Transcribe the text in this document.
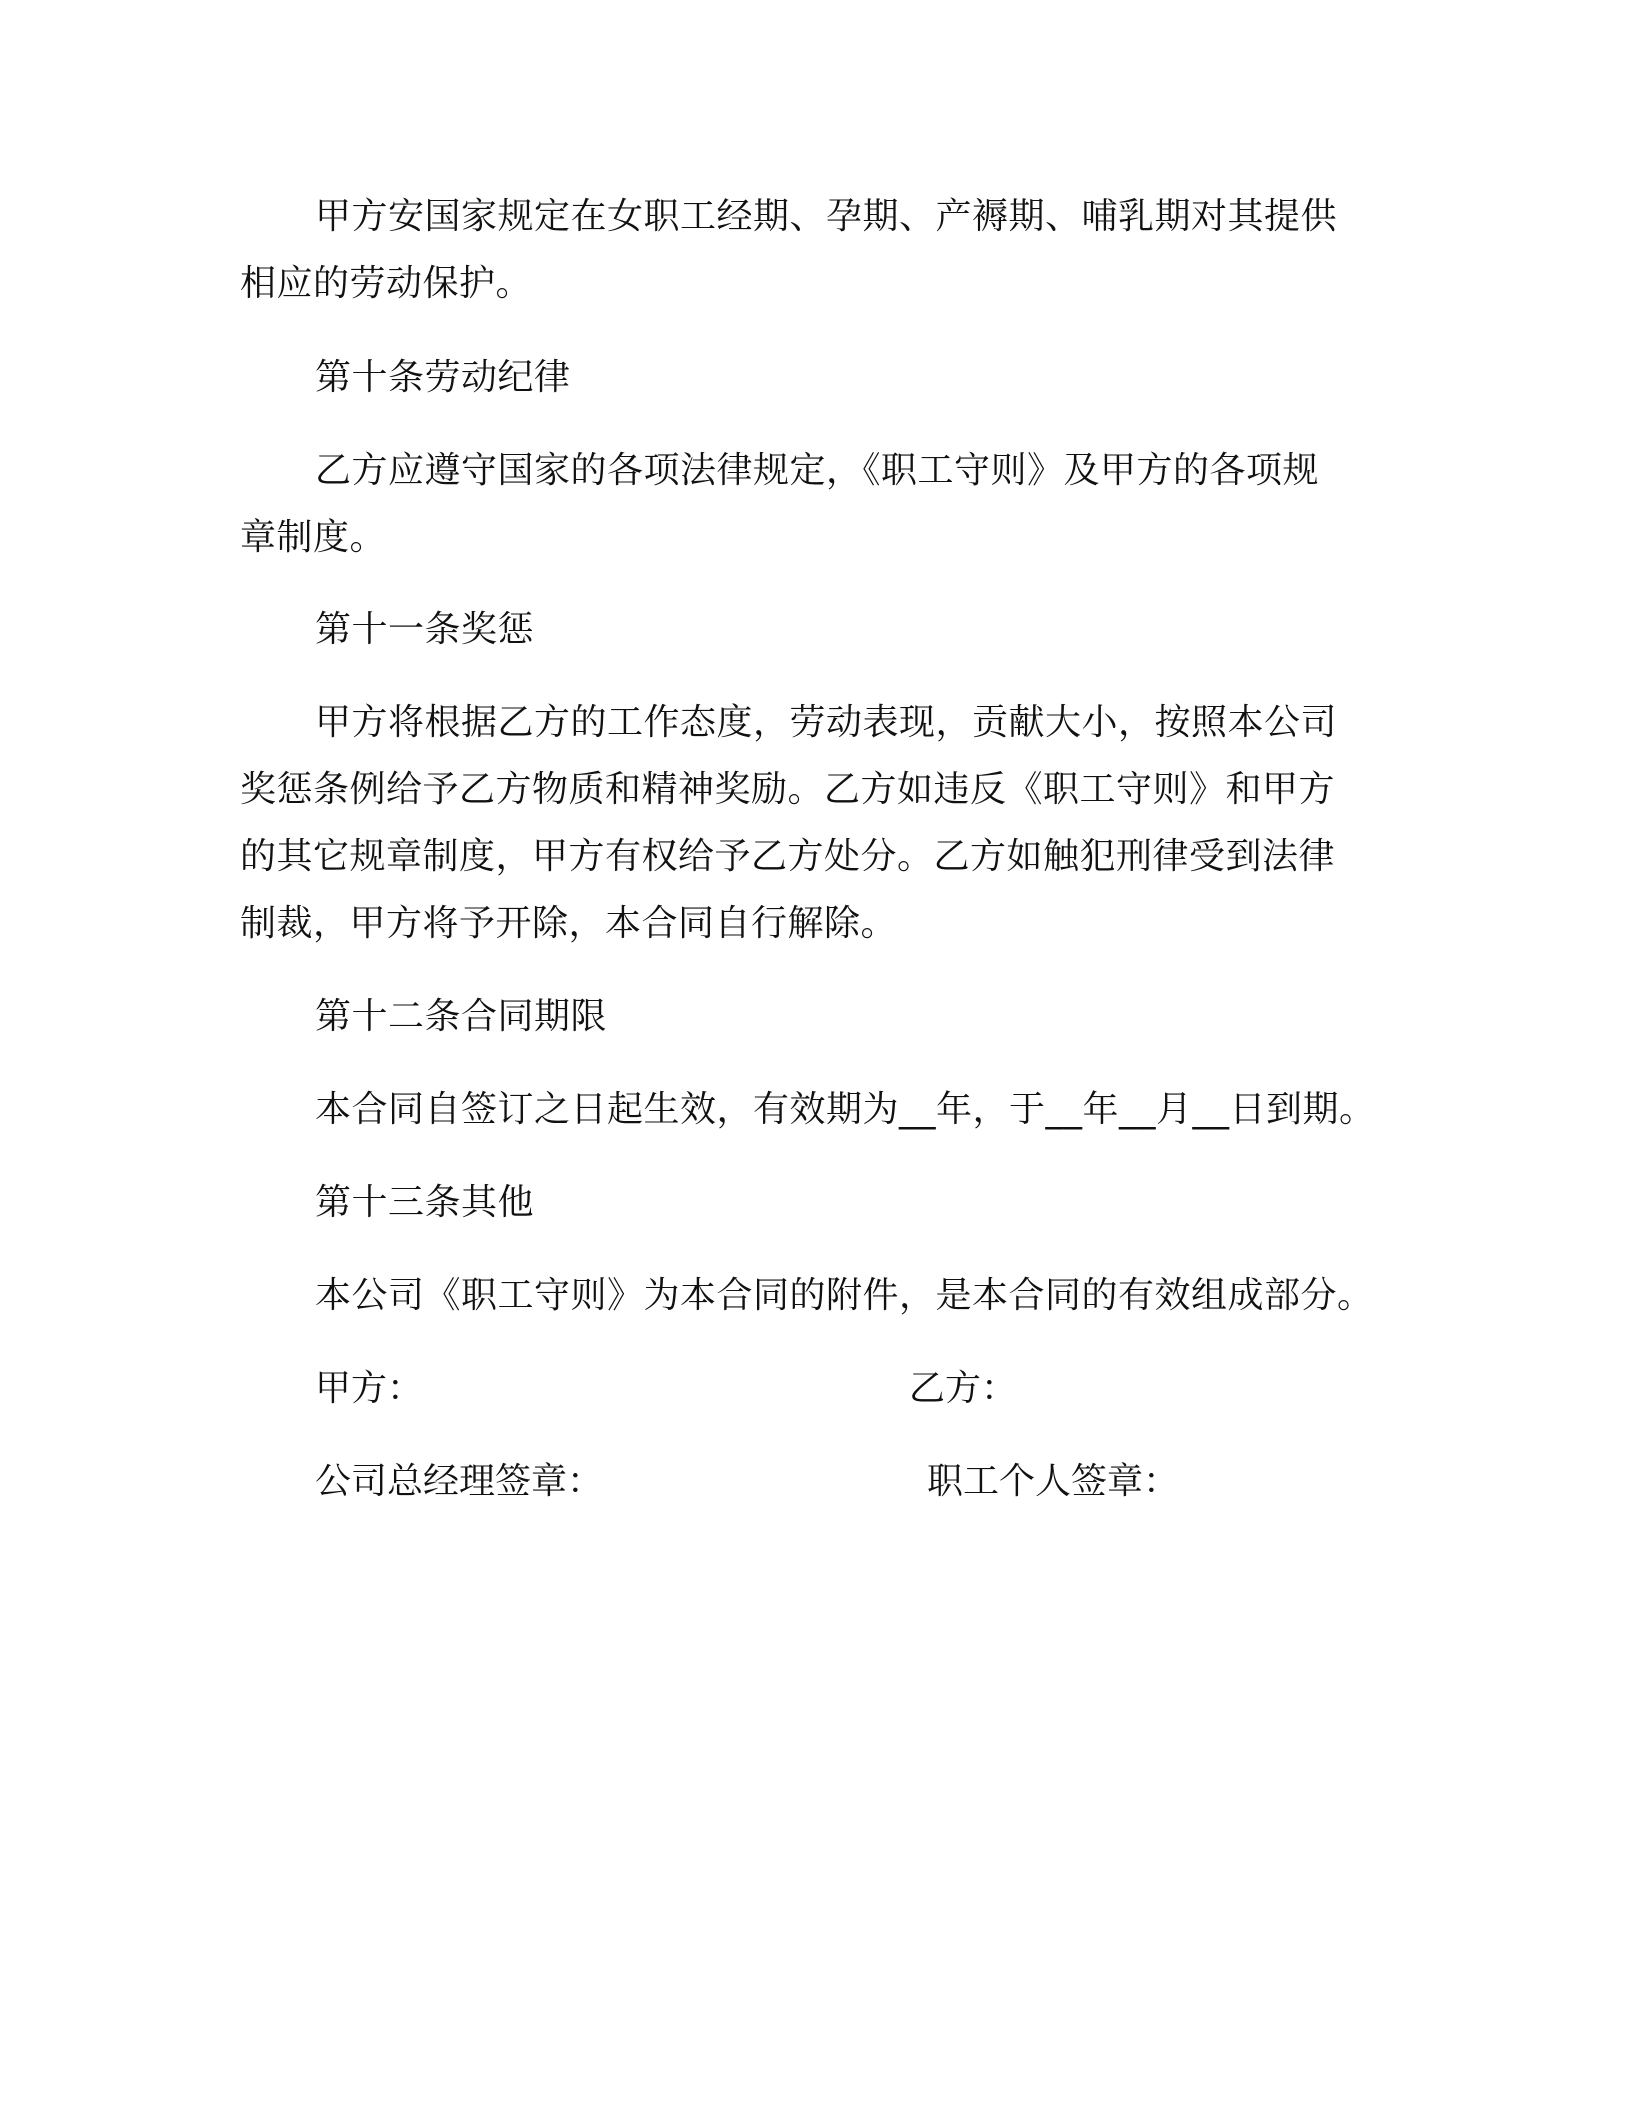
甲方安国家规定在女职工经期、孕期、产褥期、哺乳期对其提供
相应的劳动保护。
第十条劳动纪律
乙方应遵守国家的各项法律规定，《职工守则》及甲方的各项规
章制度。
第十一条奖惩
甲方将根据乙方的工作态度，劳动表现，贡献大小，按照本公司
奖惩条例给予乙方物质和精神奖励。乙方如违反《职工守则》和甲方
的其它规章制度，甲方有权给予乙方处分。乙方如触犯刑律受到法律
制裁，甲方将予开除，本合同自行解除。
第十二条合同期限
本合同自签订之日起生效，有效期为__年，于__年__月__日到期。
第十三条其他
本公司《职工守则》为本合同的附件，是本合同的有效组成部分。
甲方：	乙方：
公司总经理签章：	职工个人签章：
